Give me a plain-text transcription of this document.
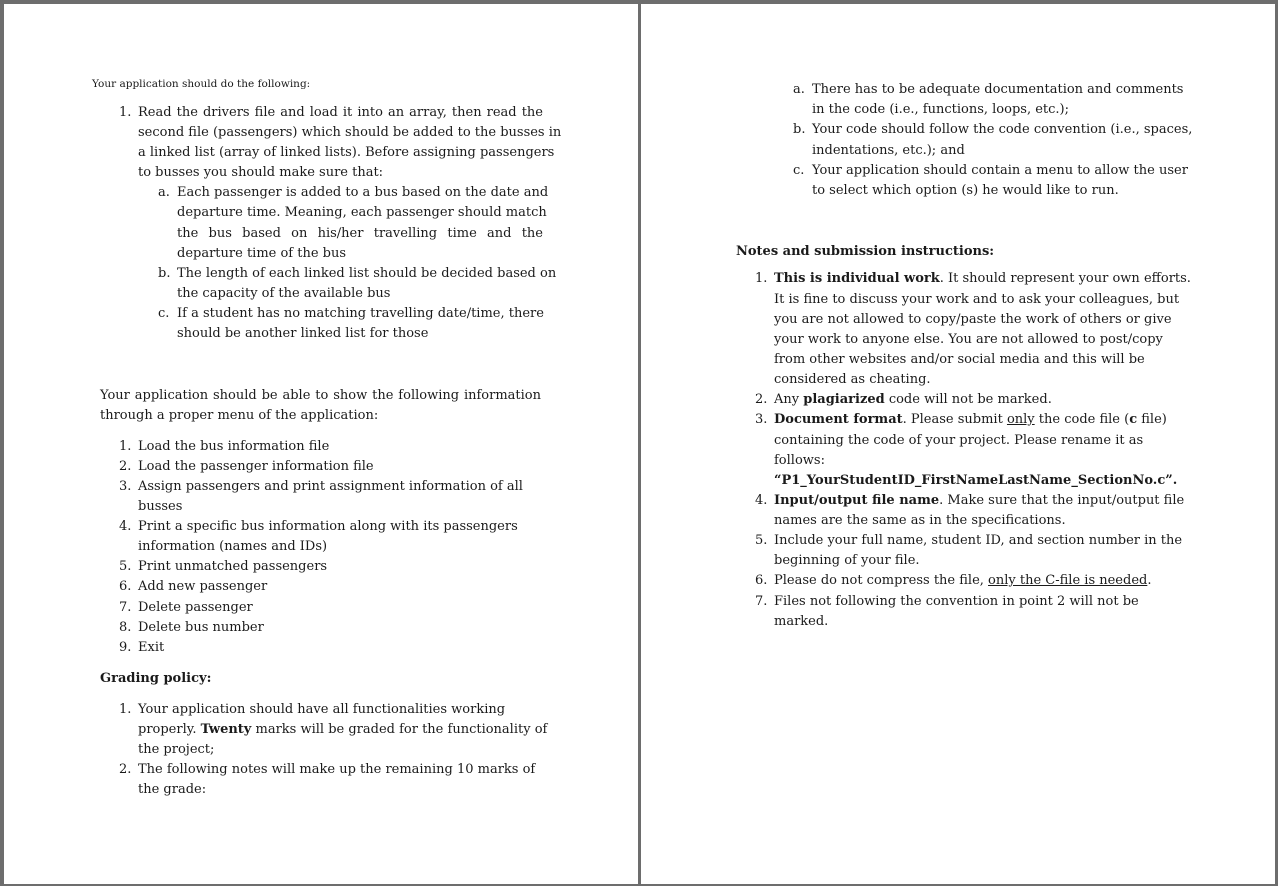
Your application should do the following:
1. Read the drivers file and load it into an array, then read the
second file (passengers) which should be added to the busses in
a linked list (array of linked lists). Before assigning passengers
to busses you should make sure that:
a. Each passenger is added to a bus based on the date and
departure time. Meaning, each passenger should match
the bus based on his/her travelling time and the
departure time of the bus
b. The length of each linked list should be decided based on
the capacity of the available bus
c. If a student has no matching travelling date/time, there
should be another linked list for those
Your application should be able to show the following information
through a proper menu of the application:
1. Load the bus information file
2. Load the passenger information file
3. Assign passengers and print assignment information of all
busses
4. Print a specific bus information along with its passengers
information (names and IDs)
5. Print unmatched passengers
6. Add new passenger
7. Delete passenger
8. Delete bus number
9. Exit
Grading policy:
1. Your application should have all functionalities working
properly. Twenty marks will be graded for the functionality of
the project;
2. The following notes will make up the remaining 10 marks of
the grade:
a. There has to be adequate documentation and comments
in the code (i.e., functions, loops, etc.);
b. Your code should follow the code convention (i.e., spaces,
indentations, etc.); and
c. Your application should contain a menu to allow the user
to select which option (s) he would like to run.
Notes and submission instructions:
1. This is individual work. It should represent your own efforts.
It is fine to discuss your work and to ask your colleagues, but
you are not allowed to copy/paste the work of others or give
your work to anyone else. You are not allowed to post/copy
from other websites and/or social media and this will be
considered as cheating.
2. Any plagiarized code will not be marked.
3. Document format. Please submit only the code file (c file)
containing the code of your project. Please rename it as
follows:
“P1_YourStudentID_FirstNameLastName_SectionNo.c”.
4. Input/output file name. Make sure that the input/output file
names are the same as in the specifications.
5. Include your full name, student ID, and section number in the
beginning of your file.
6. Please do not compress the file, only the C-file is needed.
7. Files not following the convention in point 2 will not be
marked.
